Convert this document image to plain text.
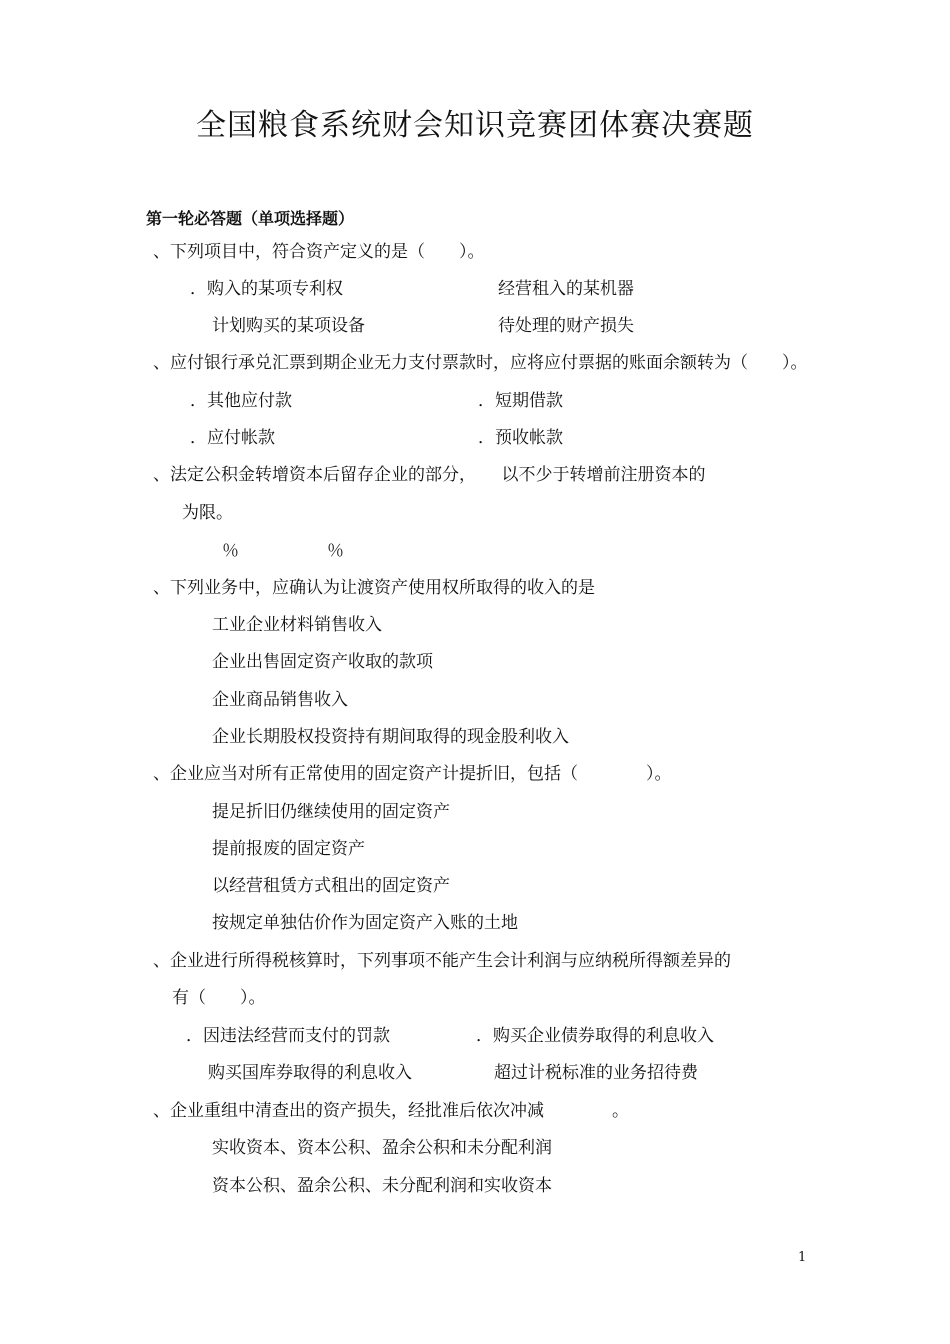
全国粮食系统财会知识竞赛团体赛决赛题
第一轮必答题（单项选择题）
、下列项目中，符合资产定义的是（　　）。
．购入的某项专利权	经营租入的某机器
计划购买的某项设备	待处理的财产损失
、应付银行承兑汇票到期企业无力支付票款时，应将应付票据的账面余额转为（　　）。
．其他应付款	．短期借款
．应付帐款	．预收帐款
、法定公积金转增资本后留存企业的部分，　　以不少于转增前注册资本的
为限。
％	％
、下列业务中，应确认为让渡资产使用权所取得的收入的是
工业企业材料销售收入
企业出售固定资产收取的款项
企业商品销售收入
企业长期股权投资持有期间取得的现金股利收入
、企业应当对所有正常使用的固定资产计提折旧，包括（　　　　）。
提足折旧仍继续使用的固定资产
提前报废的固定资产
以经营租赁方式租出的固定资产
按规定单独估价作为固定资产入账的土地
、企业进行所得税核算时，下列事项不能产生会计利润与应纳税所得额差异的
有（　　）。
．因违法经营而支付的罚款	．购买企业债券取得的利息收入
购买国库券取得的利息收入	超过计税标准的业务招待费
、企业重组中清查出的资产损失，经批准后依次冲减　　　　。
实收资本、资本公积、盈余公积和未分配利润
资本公积、盈余公积、未分配利润和实收资本
1
